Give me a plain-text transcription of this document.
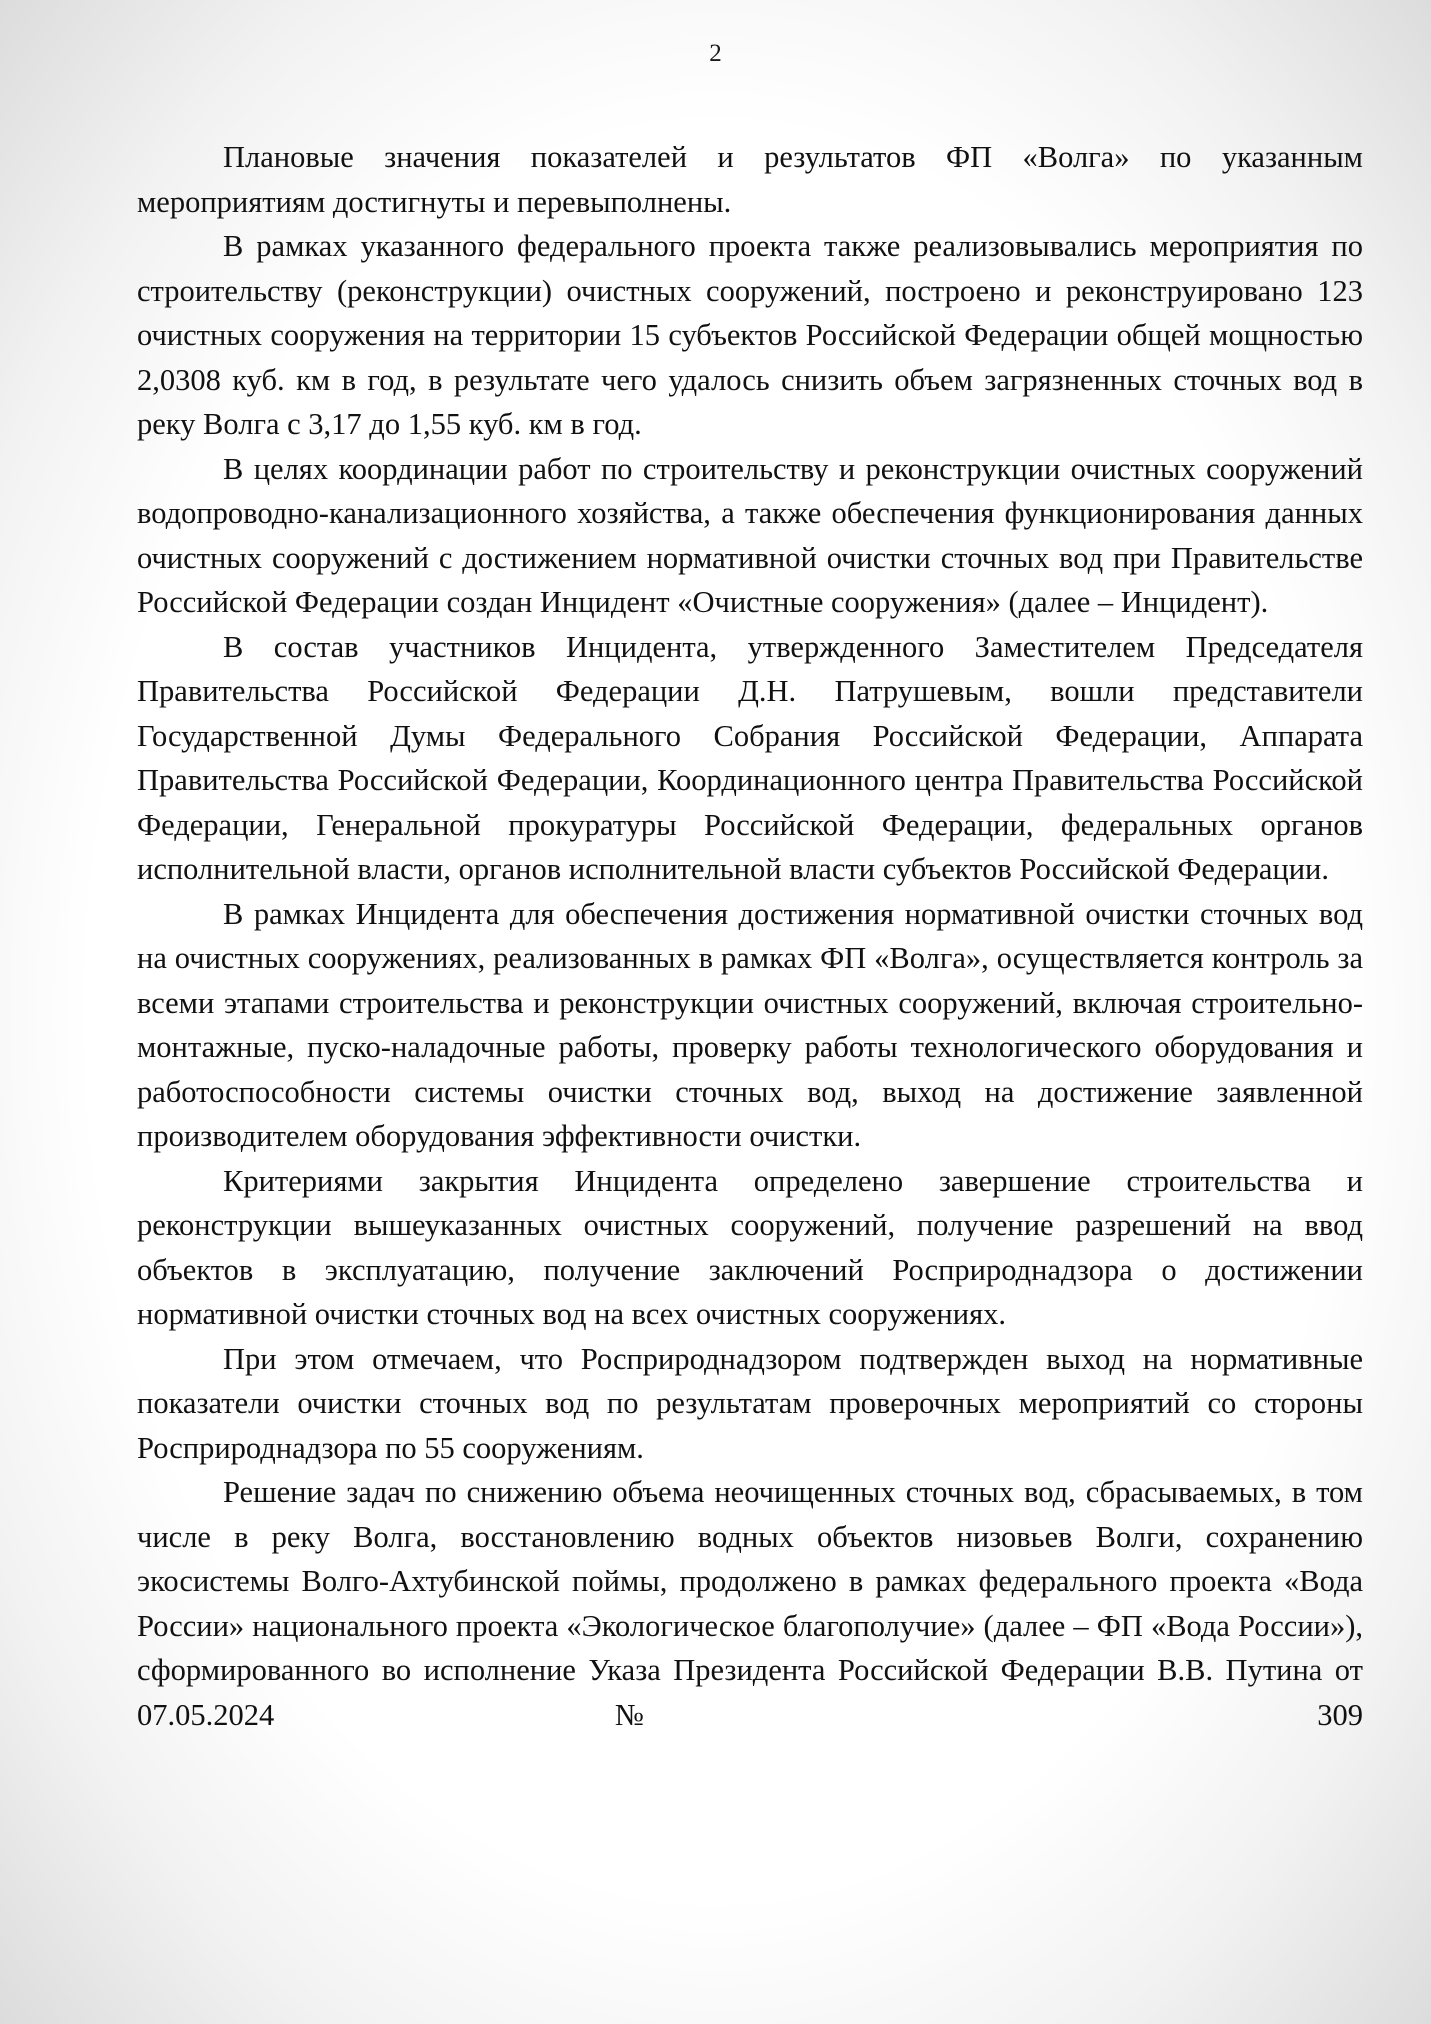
2

Плановые значения показателей и результатов ФП «Волга» по указанным мероприятиям достигнуты и перевыполнены.

В рамках указанного федерального проекта также реализовывались мероприятия по строительству (реконструкции) очистных сооружений, построено и реконструировано 123 очистных сооружения на территории 15 субъектов Российской Федерации общей мощностью 2,0308 куб. км в год, в результате чего удалось снизить объем загрязненных сточных вод в реку Волга с 3,17 до 1,55 куб. км в год.

В целях координации работ по строительству и реконструкции очистных сооружений водопроводно-канализационного хозяйства, а также обеспечения функционирования данных очистных сооружений с достижением нормативной очистки сточных вод при Правительстве Российской Федерации создан Инцидент «Очистные сооружения» (далее – Инцидент).

В состав участников Инцидента, утвержденного Заместителем Председателя Правительства Российской Федерации Д.Н. Патрушевым, вошли представители Государственной Думы Федерального Собрания Российской Федерации, Аппарата Правительства Российской Федерации, Координационного центра Правительства Российской Федерации, Генеральной прокуратуры Российской Федерации, федеральных органов исполнительной власти, органов исполнительной власти субъектов Российской Федерации.

В рамках Инцидента для обеспечения достижения нормативной очистки сточных вод на очистных сооружениях, реализованных в рамках ФП «Волга», осуществляется контроль за всеми этапами строительства и реконструкции очистных сооружений, включая строительно-монтажные, пуско-наладочные работы, проверку работы технологического оборудования и работоспособности системы очистки сточных вод, выход на достижение заявленной производителем оборудования эффективности очистки.

Критериями закрытия Инцидента определено завершение строительства и реконструкции вышеуказанных очистных сооружений, получение разрешений на ввод объектов в эксплуатацию, получение заключений Росприроднадзора о достижении нормативной очистки сточных вод на всех очистных сооружениях.

При этом отмечаем, что Росприроднадзором подтвержден выход на нормативные показатели очистки сточных вод по результатам проверочных мероприятий со стороны Росприроднадзора по 55 сооружениям.

Решение задач по снижению объема неочищенных сточных вод, сбрасываемых, в том числе в реку Волга, восстановлению водных объектов низовьев Волги, сохранению экосистемы Волго-Ахтубинской поймы, продолжено в рамках федерального проекта «Вода России» национального проекта «Экологическое благополучие» (далее – ФП «Вода России»), сформированного во исполнение Указа Президента Российской Федерации В.В. Путина от 07.05.2024 № 309
